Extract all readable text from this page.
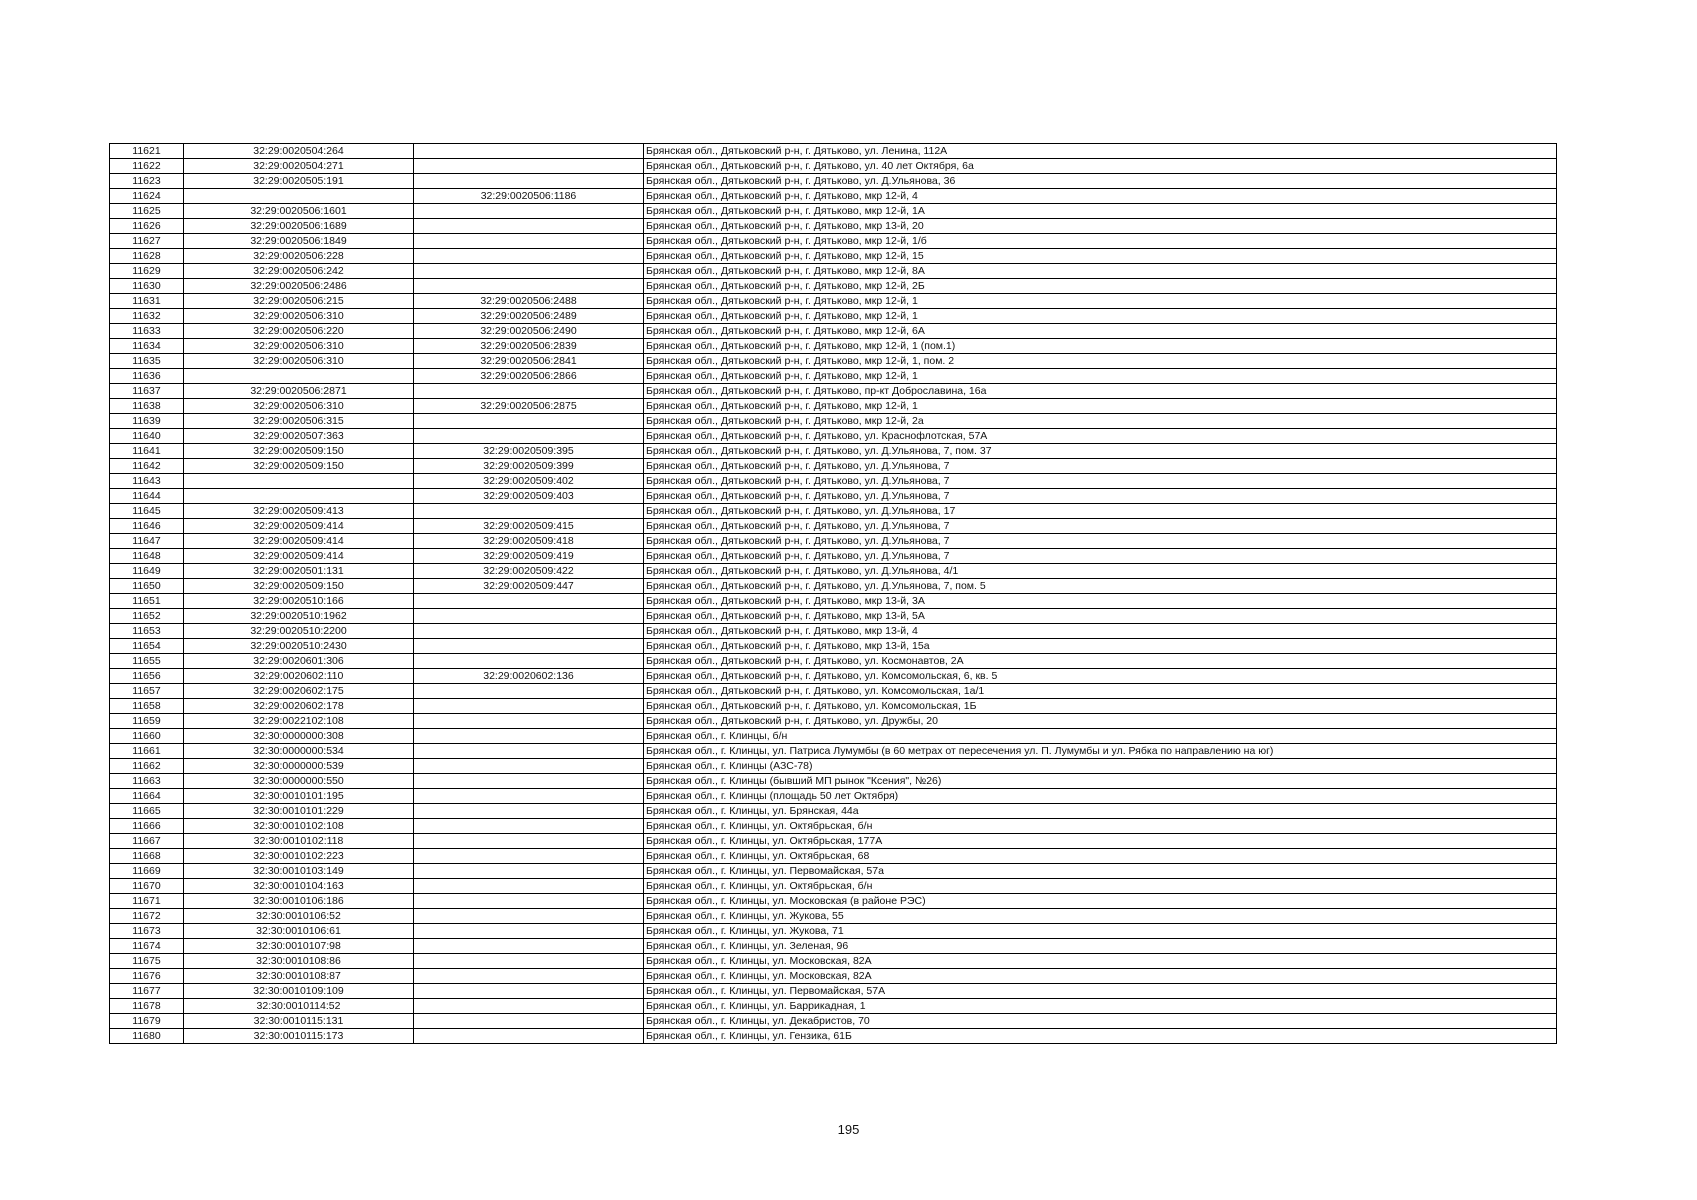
11621	32:29:0020504:264		Брянская обл., Дятьковский р-н, г. Дятьково, ул. Ленина, 112А
11622	32:29:0020504:271		Брянская обл., Дятьковский р-н, г. Дятьково, ул. 40 лет Октября, 6а
11623	32:29:0020505:191		Брянская обл., Дятьковский р-н, г. Дятьково, ул. Д.Ульянова, 36
11624		32:29:0020506:1186	Брянская обл., Дятьковский р-н, г. Дятьково, мкр 12-й, 4
11625	32:29:0020506:1601		Брянская обл., Дятьковский р-н, г. Дятьково, мкр 12-й, 1А
11626	32:29:0020506:1689		Брянская обл., Дятьковский р-н, г. Дятьково, мкр 13-й, 20
11627	32:29:0020506:1849		Брянская обл., Дятьковский р-н, г. Дятьково, мкр 12-й, 1/б
11628	32:29:0020506:228		Брянская обл., Дятьковский р-н, г. Дятьково, мкр 12-й, 15
11629	32:29:0020506:242		Брянская обл., Дятьковский р-н, г. Дятьково, мкр 12-й, 8А
11630	32:29:0020506:2486		Брянская обл., Дятьковский р-н, г. Дятьково, мкр 12-й, 2Б
11631	32:29:0020506:215	32:29:0020506:2488	Брянская обл., Дятьковский р-н, г. Дятьково, мкр 12-й, 1
11632	32:29:0020506:310	32:29:0020506:2489	Брянская обл., Дятьковский р-н, г. Дятьково, мкр 12-й, 1
11633	32:29:0020506:220	32:29:0020506:2490	Брянская обл., Дятьковский р-н, г. Дятьково, мкр 12-й, 6А
11634	32:29:0020506:310	32:29:0020506:2839	Брянская обл., Дятьковский р-н, г. Дятьково, мкр 12-й, 1 (пом.1)
11635	32:29:0020506:310	32:29:0020506:2841	Брянская обл., Дятьковский р-н, г. Дятьково, мкр 12-й, 1, пом. 2
11636		32:29:0020506:2866	Брянская обл., Дятьковский р-н, г. Дятьково, мкр 12-й, 1
11637	32:29:0020506:2871		Брянская обл., Дятьковский р-н, г. Дятьково, пр-кт Доброславина, 16а
11638	32:29:0020506:310	32:29:0020506:2875	Брянская обл., Дятьковский р-н, г. Дятьково, мкр 12-й, 1
11639	32:29:0020506:315		Брянская обл., Дятьковский р-н, г. Дятьково, мкр 12-й, 2а
11640	32:29:0020507:363		Брянская обл., Дятьковский р-н, г. Дятьково, ул. Краснофлотская, 57А
11641	32:29:0020509:150	32:29:0020509:395	Брянская обл., Дятьковский р-н, г. Дятьково, ул. Д.Ульянова, 7, пом. 37
11642	32:29:0020509:150	32:29:0020509:399	Брянская обл., Дятьковский р-н, г. Дятьково, ул. Д.Ульянова, 7
11643		32:29:0020509:402	Брянская обл., Дятьковский р-н, г. Дятьково, ул. Д.Ульянова, 7
11644		32:29:0020509:403	Брянская обл., Дятьковский р-н, г. Дятьково, ул. Д.Ульянова, 7
11645	32:29:0020509:413		Брянская обл., Дятьковский р-н, г. Дятьково, ул. Д.Ульянова, 17
11646	32:29:0020509:414	32:29:0020509:415	Брянская обл., Дятьковский р-н, г. Дятьково, ул. Д.Ульянова, 7
11647	32:29:0020509:414	32:29:0020509:418	Брянская обл., Дятьковский р-н, г. Дятьково, ул. Д.Ульянова, 7
11648	32:29:0020509:414	32:29:0020509:419	Брянская обл., Дятьковский р-н, г. Дятьково, ул. Д.Ульянова, 7
11649	32:29:0020501:131	32:29:0020509:422	Брянская обл., Дятьковский р-н, г. Дятьково, ул. Д.Ульянова, 4/1
11650	32:29:0020509:150	32:29:0020509:447	Брянская обл., Дятьковский р-н, г. Дятьково, ул. Д.Ульянова, 7, пом. 5
11651	32:29:0020510:166		Брянская обл., Дятьковский р-н, г. Дятьково, мкр 13-й, 3А
11652	32:29:0020510:1962		Брянская обл., Дятьковский р-н, г. Дятьково, мкр 13-й, 5А
11653	32:29:0020510:2200		Брянская обл., Дятьковский р-н, г. Дятьково, мкр 13-й, 4
11654	32:29:0020510:2430		Брянская обл., Дятьковский р-н, г. Дятьково, мкр 13-й, 15а
11655	32:29:0020601:306		Брянская обл., Дятьковский р-н, г. Дятьково, ул. Космонавтов, 2А
11656	32:29:0020602:110	32:29:0020602:136	Брянская обл., Дятьковский р-н, г. Дятьково, ул. Комсомольская, 6, кв. 5
11657	32:29:0020602:175		Брянская обл., Дятьковский р-н, г. Дятьково, ул. Комсомольская, 1а/1
11658	32:29:0020602:178		Брянская обл., Дятьковский р-н, г. Дятьково, ул. Комсомольская, 1Б
11659	32:29:0022102:108		Брянская обл., Дятьковский р-н, г. Дятьково, ул. Дружбы, 20
11660	32:30:0000000:308		Брянская обл., г. Клинцы, б/н
11661	32:30:0000000:534		Брянская обл., г. Клинцы, ул. Патриса Лумумбы (в 60 метрах от пересечения ул. П. Лумумбы и ул. Рябка по направлению на юг)
11662	32:30:0000000:539		Брянская обл., г. Клинцы (АЗС-78)
11663	32:30:0000000:550		Брянская обл., г. Клинцы (бывший МП рынок "Ксения", №26)
11664	32:30:0010101:195		Брянская обл., г. Клинцы (площадь 50 лет Октября)
11665	32:30:0010101:229		Брянская обл., г. Клинцы, ул. Брянская, 44а
11666	32:30:0010102:108		Брянская обл., г. Клинцы, ул. Октябрьская, б/н
11667	32:30:0010102:118		Брянская обл., г. Клинцы, ул. Октябрьская, 177А
11668	32:30:0010102:223		Брянская обл., г. Клинцы, ул. Октябрьская, 68
11669	32:30:0010103:149		Брянская обл., г. Клинцы, ул. Первомайская, 57а
11670	32:30:0010104:163		Брянская обл., г. Клинцы, ул. Октябрьская, б/н
11671	32:30:0010106:186		Брянская обл., г. Клинцы, ул. Московская (в районе РЭС)
11672	32:30:0010106:52		Брянская обл., г. Клинцы, ул. Жукова, 55
11673	32:30:0010106:61		Брянская обл., г. Клинцы, ул. Жукова, 71
11674	32:30:0010107:98		Брянская обл., г. Клинцы, ул. Зеленая, 96
11675	32:30:0010108:86		Брянская обл., г. Клинцы, ул. Московская, 82А
11676	32:30:0010108:87		Брянская обл., г. Клинцы, ул. Московская, 82А
11677	32:30:0010109:109		Брянская обл., г. Клинцы, ул. Первомайская, 57А
11678	32:30:0010114:52		Брянская обл., г. Клинцы, ул. Баррикадная, 1
11679	32:30:0010115:131		Брянская обл., г. Клинцы, ул. Декабристов, 70
11680	32:30:0010115:173		Брянская обл., г. Клинцы, ул. Гензика, 61Б
195
